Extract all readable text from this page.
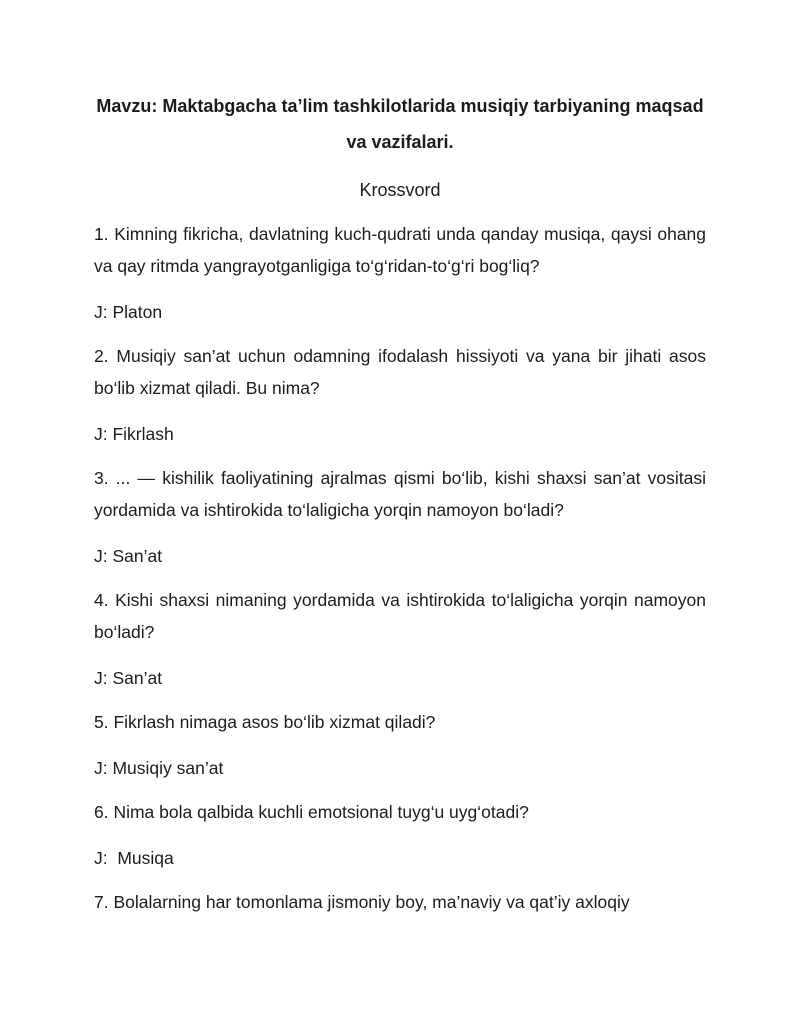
Mavzu: Maktabgacha ta’lim tashkilotlarida musiqiy tarbiyaning maqsad va vazifalari.

Krossvord

1. Kimning fikricha, davlatning kuch-qudrati unda qanday musiqa, qaysi ohang va qay ritmda yangrayotganligiga to‘g‘ridan-to‘g‘ri bog‘liq?

J: Platon

2. Musiqiy san’at uchun odamning ifodalash hissiyoti va yana bir jihati asos bo‘lib xizmat qiladi. Bu nima?

J: Fikrlash

3. ... — kishilik faoliyatining ajralmas qismi bo‘lib, kishi shaxsi san’at vositasi yordamida va ishtirokida to‘laligicha yorqin namoyon bo‘ladi?

J: San’at

4. Kishi shaxsi nimaning yordamida va ishtirokida to‘laligicha yorqin namoyon bo‘ladi?

J: San’at

5. Fikrlash nimaga asos bo‘lib xizmat qiladi?

J: Musiqiy san’at

6. Nima bola qalbida kuchli emotsional tuyg‘u uyg‘otadi?

J:  Musiqa

7. Bolalarning har tomonlama jismoniy boy, ma’naviy va qat’iy axloqiy
